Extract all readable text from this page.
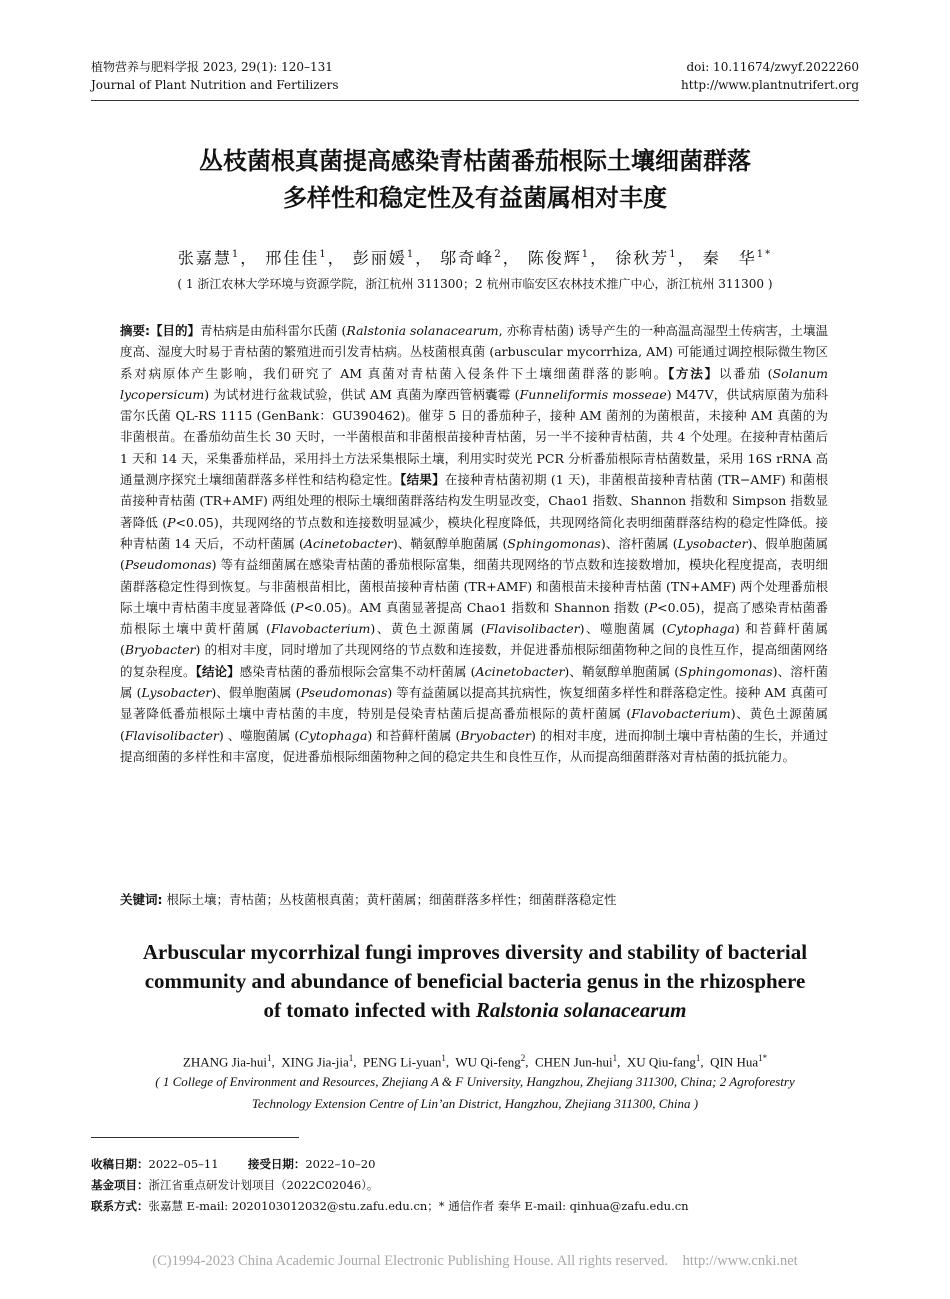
植物营养与肥料学报 2023, 29(1): 120–131
Journal of Plant Nutrition and Fertilizers
doi: 10.11674/zwyf.2022260
http://www.plantnutrifert.org
丛枝菌根真菌提高感染青枯菌番茄根际土壤细菌群落
多样性和稳定性及有益菌属相对丰度
张嘉慧$^1$， 邢佳佳$^1$， 彭丽媛$^1$， 邬奇峰$^2$， 陈俊辉$^1$， 徐秋芳$^1$， 秦　华$^{1*}$
( 1 浙江农林大学环境与资源学院，浙江杭州 311300；2 杭州市临安区农林技术推广中心，浙江杭州 311300 )
摘要:【目的】青枯病是由茄科雷尔氏菌 (Ralstonia solanacearum, 亦称青枯菌) 诱导产生的一种高温高湿型土传病害，土壤温度高、湿度大时易于青枯菌的繁殖进而引发青枯病。丛枝菌根真菌 (arbuscular mycorrhiza, AM) 可能通过调控根际微生物区系对病原体产生影响，我们研究了 AM 真菌对青枯菌入侵条件下土壤细菌群落的影响。【方法】以番茄 (Solanum lycopersicum) 为试材进行盆栽试验，供试 AM 真菌为摩西管柄囊霉 (Funneliformis mosseae) M47V，供试病原菌为茄科雷尔氏菌 QL-RS 1115 (GenBank：GU390462)。催芽 5 日的番茄种子，接种 AM 菌剂的为菌根苗，未接种 AM 真菌的为非菌根苗。在番茄幼苗生长 30 天时，一半菌根苗和非菌根苗接种青枯菌，另一半不接种青枯菌，共 4 个处理。在接种青枯菌后 1 天和 14 天，采集番茄样品，采用抖土方法采集根际土壤，利用实时荧光 PCR 分析番茄根际青枯菌数量，采用 16S rRNA 高通量测序探究土壤细菌群落多样性和结构稳定性。【结果】在接种青枯菌初期 (1 天)，非菌根苗接种青枯菌 (TR−AMF) 和菌根苗接种青枯菌 (TR+AMF) 两组处理的根际土壤细菌群落结构发生明显改变，Chao1 指数、Shannon 指数和 Simpson 指数显著降低 (P<0.05)，共现网络的节点数和连接数明显减少，模块化程度降低，共现网络简化表明细菌群落结构的稳定性降低。接种青枯菌 14 天后，不动杆菌属 (Acinetobacter)、鞘氨醇单胞菌属 (Sphingomonas)、溶杆菌属 (Lysobacter)、假单胞菌属 (Pseudomonas) 等有益细菌属在感染青枯菌的番茄根际富集，细菌共现网络的节点数和连接数增加，模块化程度提高，表明细菌群落稳定性得到恢复。与非菌根苗相比，菌根苗接种青枯菌 (TR+AMF) 和菌根苗未接种青枯菌 (TN+AMF) 两个处理番茄根际土壤中青枯菌丰度显著降低 (P<0.05)。AM 真菌显著提高 Chao1 指数和 Shannon 指数 (P<0.05)，提高了感染青枯菌番茄根际土壤中黄杆菌属 (Flavobacterium)、黄色土源菌属 (Flavisolibacter)、噬胞菌属 (Cytophaga) 和苔藓杆菌属 (Bryobacter) 的相对丰度，同时增加了共现网络的节点数和连接数，并促进番茄根际细菌物种之间的良性互作，提高细菌网络的复杂程度。【结论】感染青枯菌的番茄根际会富集不动杆菌属 (Acinetobacter)、鞘氨醇单胞菌属 (Sphingomonas)、溶杆菌属 (Lysobacter)、假单胞菌属 (Pseudomonas) 等有益菌属以提高其抗病性，恢复细菌多样性和群落稳定性。接种 AM 真菌可显著降低番茄根际土壤中青枯菌的丰度，特别是侵染青枯菌后提高番茄根际的黄杆菌属 (Flavobacterium)、黄色土源菌属 (Flavisolibacter) 、噬胞菌属 (Cytophaga) 和苔藓杆菌属 (Bryobacter) 的相对丰度，进而抑制土壤中青枯菌的生长，并通过提高细菌的多样性和丰富度，促进番茄根际细菌物种之间的稳定共生和良性互作，从而提高细菌群落对青枯菌的抵抗能力。
关键词: 根际土壤；青枯菌；丛枝菌根真菌；黄杆菌属；细菌群落多样性；细菌群落稳定性
Arbuscular mycorrhizal fungi improves diversity and stability of bacterial
community and abundance of beneficial bacteria genus in the rhizosphere
of tomato infected with Ralstonia solanacearum
ZHANG Jia-hui$^1$,  XING Jia-jia$^1$,  PENG Li-yuan$^1$,  WU Qi-feng$^2$,  CHEN Jun-hui$^1$,  XU Qiu-fang$^1$,  QIN Hua$^{1*}$
( 1 College of Environment and Resources, Zhejiang A & F University, Hangzhou, Zhejiang 311300, China; 2 Agroforestry
Technology Extension Centre of Lin’an District, Hangzhou, Zhejiang 311300, China )
收稿日期：2022–05–11	接受日期：2022–10–20
基金项目：浙江省重点研发计划项目（2022C02046）。
联系方式：张嘉慧 E-mail: 2020103012032@stu.zafu.edu.cn；* 通信作者 秦华 E-mail: qinhua@zafu.edu.cn
(C)1994-2023 China Academic Journal Electronic Publishing House. All rights reserved.    http://www.cnki.net
